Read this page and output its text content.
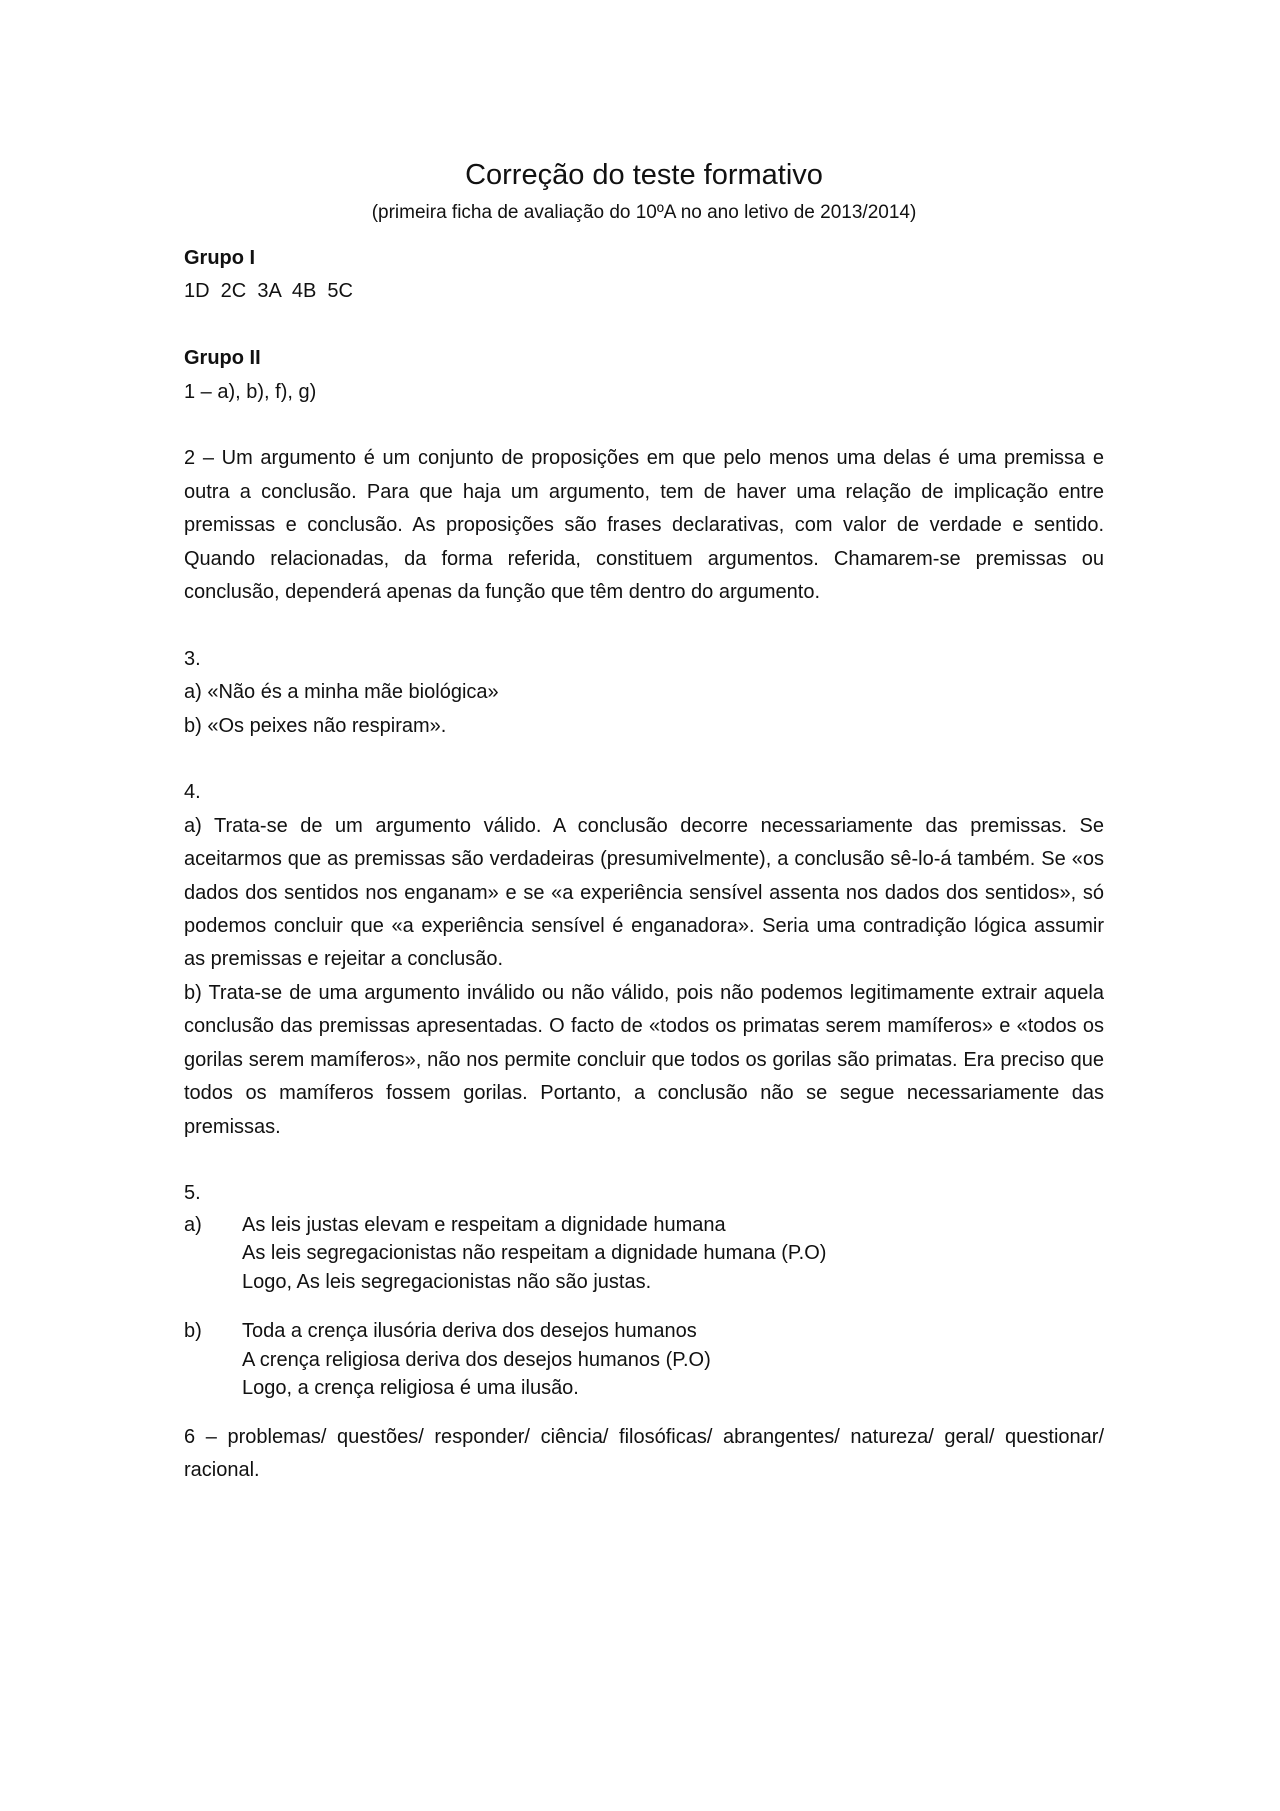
Correção do teste formativo

(primeira ficha de avaliação do 10ºA no ano letivo de 2013/2014)

Grupo I

1D  2C  3A  4B  5C

Grupo II

1 – a), b), f), g)

2 – Um argumento é um conjunto de proposições em que pelo menos uma delas é uma premissa e outra a conclusão. Para que haja um argumento, tem de haver uma relação de implicação entre premissas e conclusão. As proposições são frases declarativas, com valor de verdade e sentido. Quando relacionadas, da forma referida, constituem argumentos. Chamarem-se premissas ou conclusão, dependerá apenas da função que têm dentro do argumento.

3.

a) «Não és a minha mãe biológica»

b) «Os peixes não respiram».

4.

a) Trata-se de um argumento válido. A conclusão decorre necessariamente das premissas. Se aceitarmos que as premissas são verdadeiras (presumivelmente), a conclusão sê-lo-á também. Se «os dados dos sentidos nos enganam» e se «a experiência sensível assenta nos dados dos sentidos», só podemos concluir que «a experiência sensível é enganadora». Seria uma contradição lógica assumir as premissas e rejeitar a conclusão.

b) Trata-se de uma argumento inválido ou não válido, pois não podemos legitimamente extrair aquela conclusão das premissas apresentadas. O facto de «todos os primatas serem mamíferos» e «todos os gorilas serem mamíferos», não nos permite concluir que todos os gorilas são primatas. Era preciso que todos os mamíferos fossem gorilas. Portanto, a conclusão não se segue necessariamente das premissas.

5.

a)	As leis justas elevam e respeitam a dignidade humana
As leis segregacionistas não respeitam a dignidade humana (P.O)
Logo, As leis segregacionistas não são justas.
b)	Toda a crença ilusória deriva dos desejos humanos
A crença religiosa deriva dos desejos humanos (P.O)
Logo, a crença religiosa é uma ilusão.

6 – problemas/ questões/ responder/ ciência/ filosóficas/ abrangentes/ natureza/ geral/ questionar/ racional.
